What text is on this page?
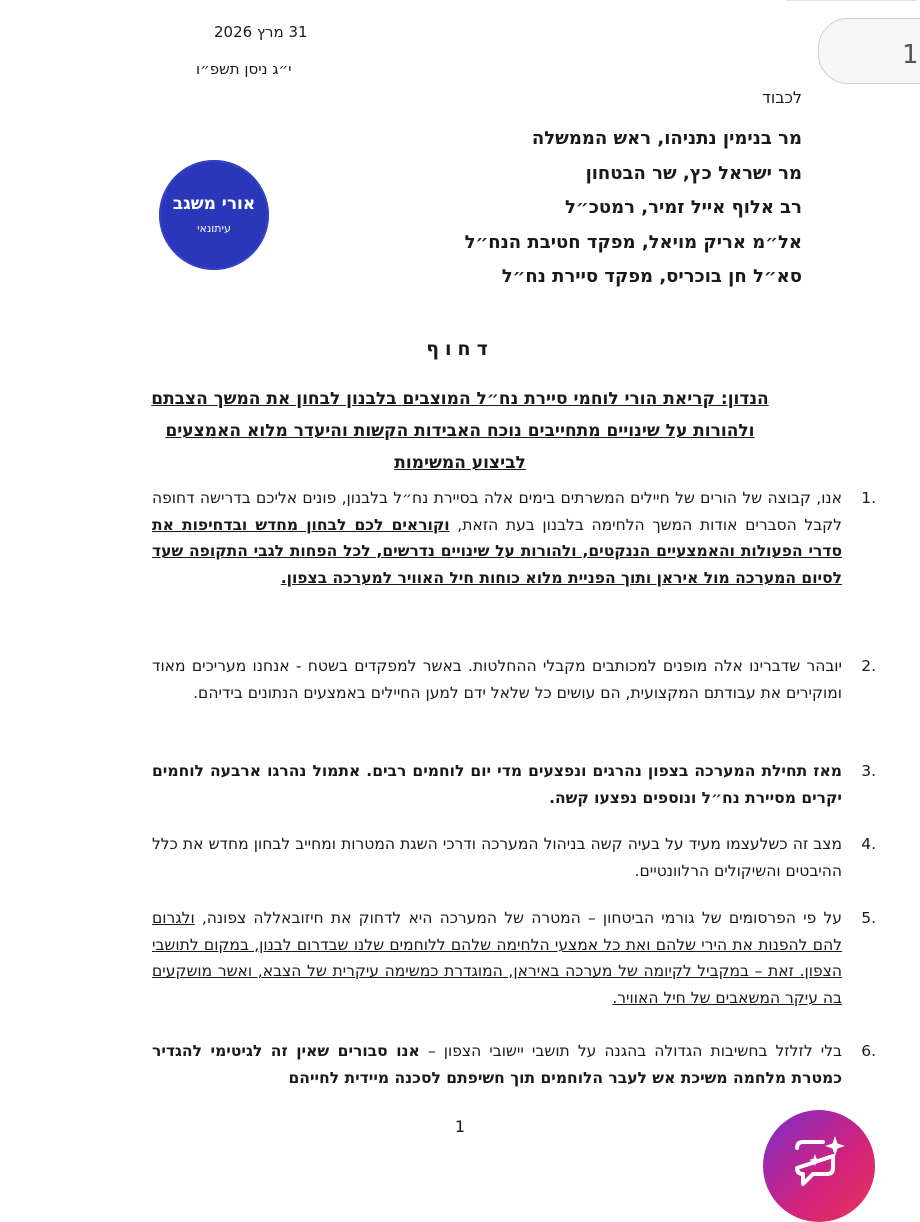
1
31 מרץ 2026
י״ג ניסן תשפ״ו
לכבוד
מר בנימין נתניהו, ראש הממשלה
מר ישראל כץ, שר הבטחון
רב אלוף אייל זמיר, רמטכ״ל
אל״מ אריק מויאל, מפקד חטיבת הנח״ל
סא״ל חן בוכריס, מפקד סיירת נח״ל
אורי משגב
עיתונאי
דחוף
הנדון: קריאת הורי לוחמי סיירת נח״ל המוצבים בלבנון לבחון את המשך הצבתם
ולהורות על שינויים מתחייבים נוכח האבידות הקשות והיעדר מלוא האמצעים
לביצוע המשימות
1.
אנו, קבוצה של הורים של חיילים המשרתים בימים אלה בסיירת נח״ל בלבנון, פונים אליכם בדרישה דחופה לקבל הסברים אודות המשך הלחימה בלבנון בעת הזאת, וקוראים לכם לבחון מחדש ובדחיפות את סדרי הפעולות והאמצעיים הננקטים, ולהורות על שינויים נדרשים, לכל הפחות לגבי התקופה שעד לסיום המערכה מול איראן ותוך הפניית מלוא כוחות חיל האוויר למערכה בצפון.
2.
יובהר שדברינו אלה מופנים למכותבים מקבלי ההחלטות. באשר למפקדים בשטח - אנחנו מעריכים מאוד ומוקירים את עבודתם המקצועית, הם עושים כל שלאל ידם למען החיילים באמצעים הנתונים בידיהם.
3.
מאז תחילת המערכה בצפון נהרגים ונפצעים מדי יום לוחמים רבים. אתמול נהרגו ארבעה לוחמים יקרים מסיירת נח״ל ונוספים נפצעו קשה.
4.
מצב זה כשלעצמו מעיד על בעיה קשה בניהול המערכה ודרכי השגת המטרות ומחייב לבחון מחדש את כלל ההיבטים והשיקולים הרלוונטיים.
5.
על פי הפרסומים של גורמי הביטחון – המטרה של המערכה היא לדחוק את חיזובאללה צפונה, ולגרום להם להפנות את הירי שלהם ואת כל אמצעי הלחימה שלהם ללוחמים שלנו שבדרום לבנון, במקום לתושבי הצפון. זאת – במקביל לקיומה של מערכה באיראן, המוגדרת כמשימה עיקרית של הצבא, ואשר מושקעים בה עיקר המשאבים של חיל האוויר.
6.
בלי לזלזל בחשיבות הגדולה בהגנה על תושבי יישובי הצפון – אנו סבורים שאין זה לגיטימי להגדיר כמטרת מלחמה משיכת אש לעבר הלוחמים תוך חשיפתם לסכנה מיידית לחייהם
1
